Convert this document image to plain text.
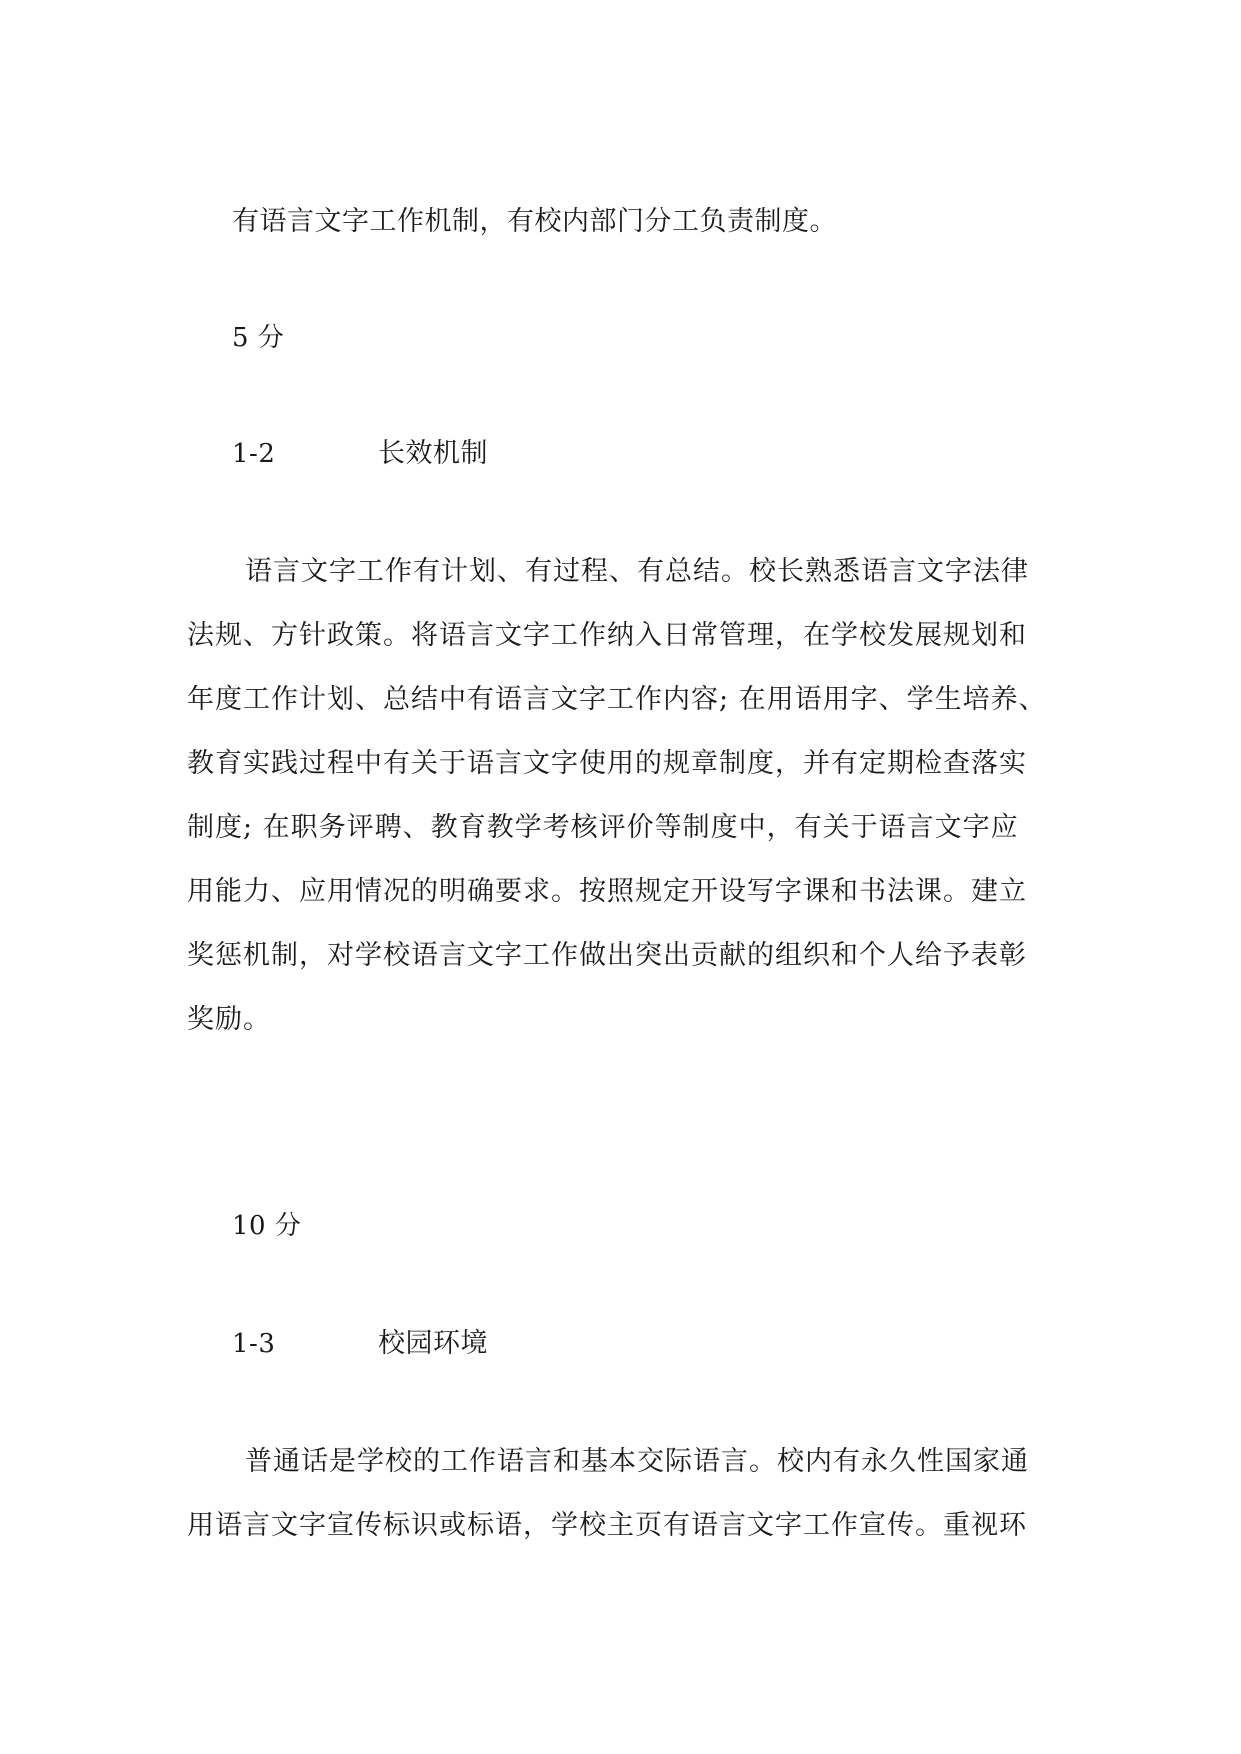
有语言文字工作机制，有校内部门分工负责制度。
5 分
1-2	长效机制
语言文字工作有计划、有过程、有总结。校长熟悉语言文字法律
法规、方针政策。将语言文字工作纳入日常管理，在学校发展规划和
年度工作计划、总结中有语言文字工作内容; 在用语用字、学生培养、
教育实践过程中有关于语言文字使用的规章制度，并有定期检查落实
制度; 在职务评聘、教育教学考核评价等制度中，有关于语言文字应
用能力、应用情况的明确要求。按照规定开设写字课和书法课。建立
奖惩机制，对学校语言文字工作做出突出贡献的组织和个人给予表彰
奖励。
10 分
1-3	校园环境
普通话是学校的工作语言和基本交际语言。校内有永久性国家通
用语言文字宣传标识或标语，学校主页有语言文字工作宣传。重视环
